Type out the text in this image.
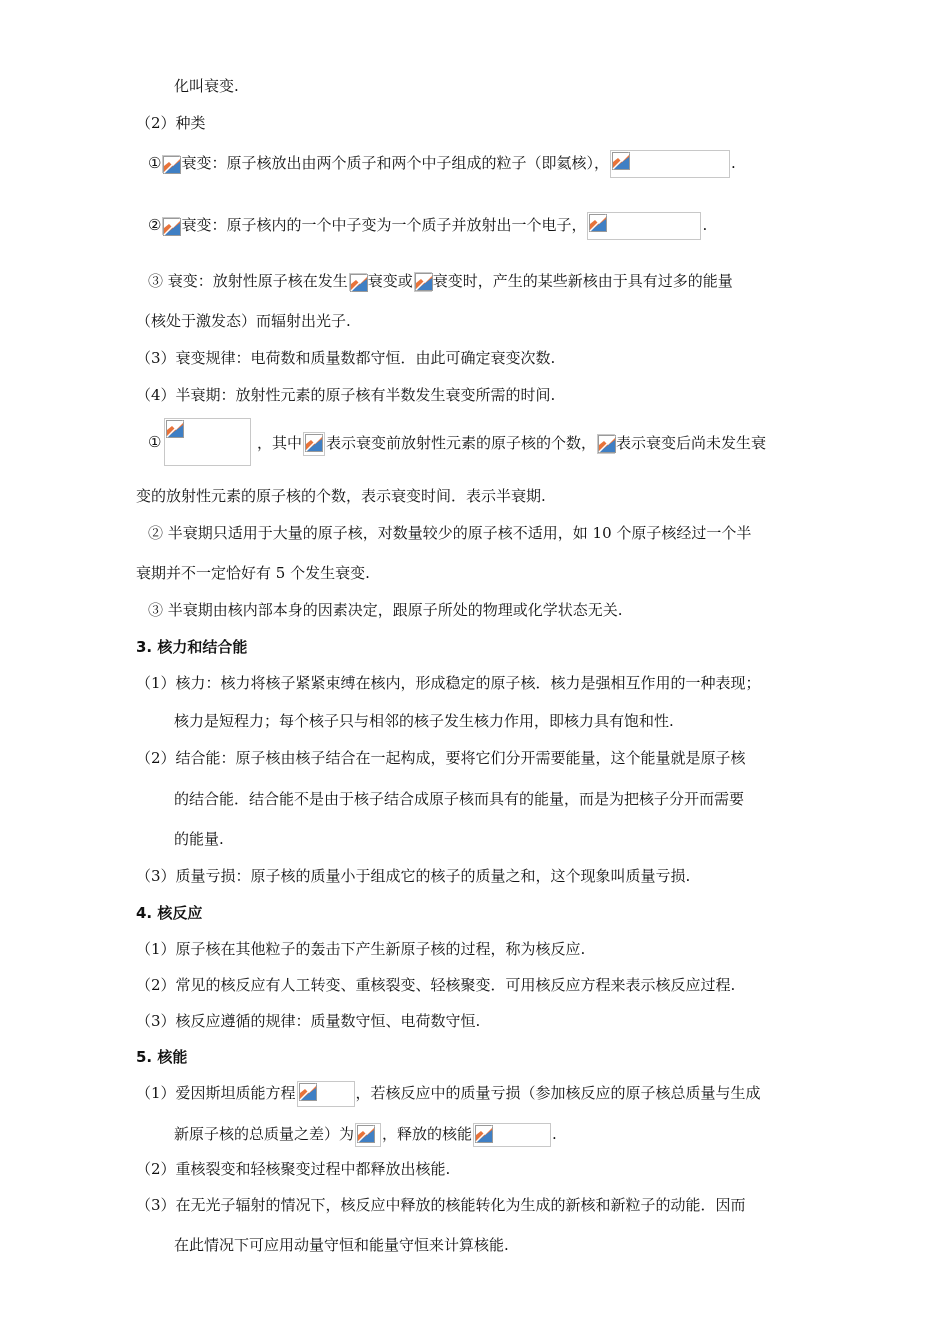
化叫衰变.
（2）种类
① 衰变：原子核放出由两个质子和两个中子组成的粒子（即氦核），	.
② 衰变：原子核内的一个中子变为一个质子并放射出一个电子，	.
③ 衰变：放射性原子核在发生 衰变或 衰变时，产生的某些新核由于具有过多的能量
（核处于激发态）而辐射出光子.
（3）衰变规律：电荷数和质量数都守恒．由此可确定衰变次数.
（4）半衰期：放射性元素的原子核有半数发生衰变所需的时间.
①	，其中 表示衰变前放射性元素的原子核的个数， 表示衰变后尚未发生衰
变的放射性元素的原子核的个数，表示衰变时间．表示半衰期.
② 半衰期只适用于大量的原子核，对数量较少的原子核不适用，如 10 个原子核经过一个半
衰期并不一定恰好有 5 个发生衰变.
③ 半衰期由核内部本身的因素决定，跟原子所处的物理或化学状态无关.
3. 核力和结合能
（1）核力：核力将核子紧紧束缚在核内，形成稳定的原子核．核力是强相互作用的一种表现；
核力是短程力；每个核子只与相邻的核子发生核力作用，即核力具有饱和性.
（2）结合能：原子核由核子结合在一起构成，要将它们分开需要能量，这个能量就是原子核
的结合能．结合能不是由于核子结合成原子核而具有的能量，而是为把核子分开而需要
的能量.
（3）质量亏损：原子核的质量小于组成它的核子的质量之和，这个现象叫质量亏损.
4. 核反应
（1）原子核在其他粒子的轰击下产生新原子核的过程，称为核反应.
（2）常见的核反应有人工转变、重核裂变、轻核聚变．可用核反应方程来表示核反应过程.
（3）核反应遵循的规律：质量数守恒、电荷数守恒.
5. 核能
（1）爱因斯坦质能方程	，若核反应中的质量亏损（参加核反应的原子核总质量与生成
新原子核的总质量之差）为 ，释放的核能	.
（2）重核裂变和轻核聚变过程中都释放出核能.
（3）在无光子辐射的情况下，核反应中释放的核能转化为生成的新核和新粒子的动能．因而
在此情况下可应用动量守恒和能量守恒来计算核能.
